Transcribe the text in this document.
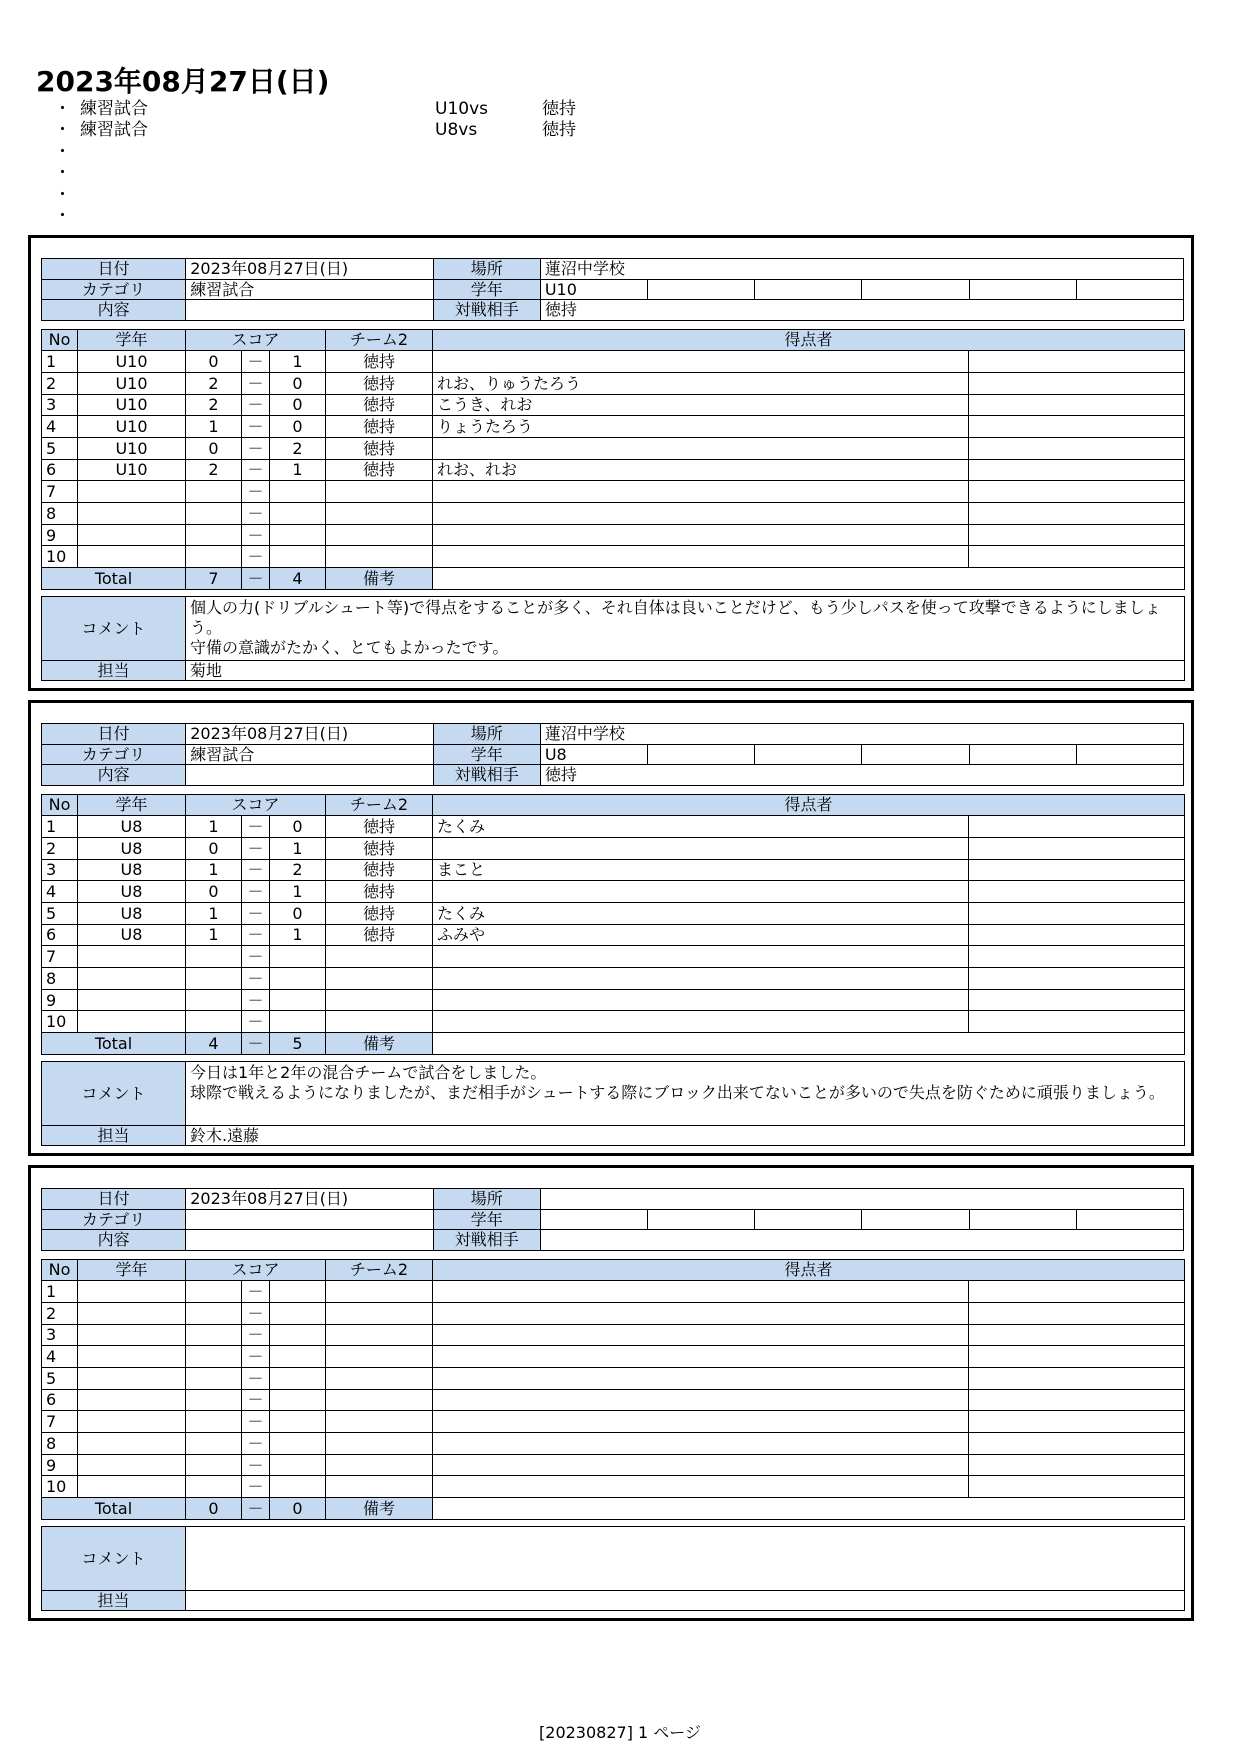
2023年08月27日(日)
・ 練習試合	U10vs	徳持
・ 練習試合	U8vs	徳持
・
・
・
・
日付	2023年08月27日(日)	場所	蓮沼中学校					
カテゴリ	練習試合	学年	U10					
内容		対戦相手	徳持					
No	学年	スコア			チーム2	得点者	
1	U10	0	－	1	徳持		
2	U10	2	－	0	徳持	れお、りゅうたろう	
3	U10	2	－	0	徳持	こうき、れお	
4	U10	1	－	0	徳持	りょうたろう	
5	U10	0	－	2	徳持		
6	U10	2	－	1	徳持	れお、れお	
7			－				
8			－				
9			－				
10			－				
Total		7	－	4	備考		
コメント	個人の力(ドリブルシュート等)で得点をすることが多く、それ自体は良いことだけど、もう少しパスを使って攻撃できるようにしましょう。
守備の意識がたかく、とてもよかったです。

担当	菊地
日付	2023年08月27日(日)	場所	蓮沼中学校					
カテゴリ	練習試合	学年	U8					
内容		対戦相手	徳持					
No	学年	スコア			チーム2	得点者	
1	U8	1	－	0	徳持	たくみ	
2	U8	0	－	1	徳持		
3	U8	1	－	2	徳持	まこと	
4	U8	0	－	1	徳持		
5	U8	1	－	0	徳持	たくみ	
6	U8	1	－	1	徳持	ふみや	
7			－				
8			－				
9			－				
10			－				
Total		4	－	5	備考		
コメント	今日は1年と2年の混合チームで試合をしました。
球際で戦えるようになりましたが、まだ相手がシュートする際にブロック出来てないことが多いので失点を防ぐために頑張りましょう。

担当	鈴木.遠藤
日付	2023年08月27日(日)	場所						
カテゴリ		学年						
内容		対戦相手						
No	学年	スコア			チーム2	得点者	
1			－				
2			－				
3			－				
4			－				
5			－				
6			－				
7			－				
8			－				
9			－				
10			－				
Total		0	－	0	備考		
コメント	

担当	
[20230827] 1 ページ
